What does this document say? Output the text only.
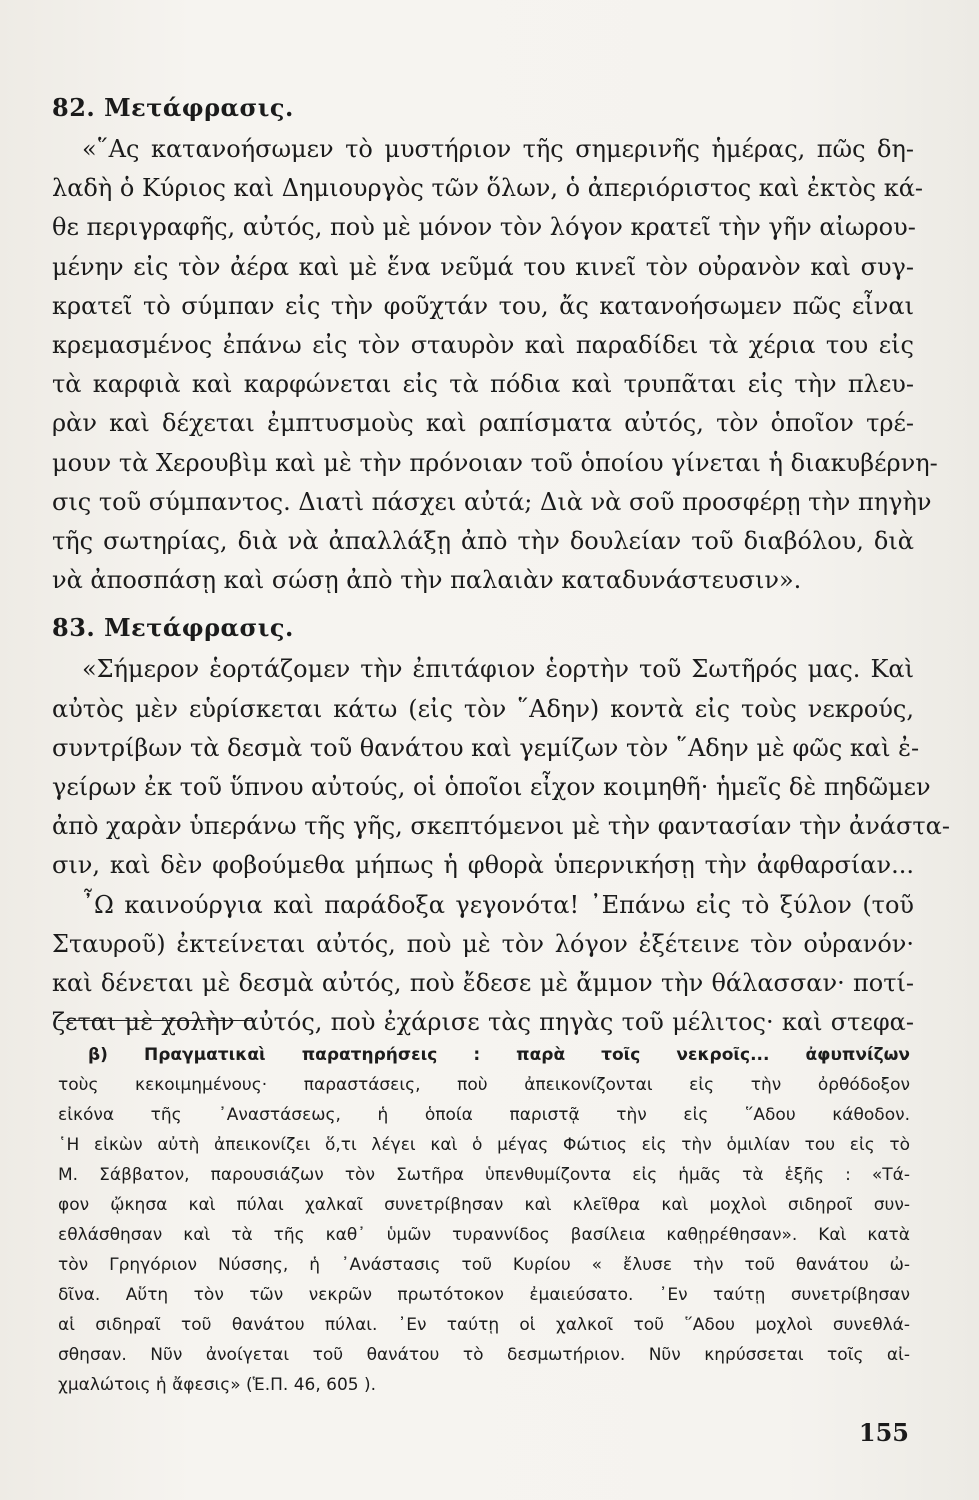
82. Μετάφρασις.
«῞Ας κατανοήσωμεν τὸ μυστήριον τῆς σημερινῆς ἡμέρας, πῶς δη-
λαδὴ ὁ Κύριος καὶ Δημιουργὸς τῶν ὅλων, ὁ ἀπεριόριστος καὶ ἐκτὸς κά-
θε περιγραφῆς, αὐτός, ποὺ μὲ μόνον τὸν λόγον κρατεῖ τὴν γῆν αἰωρου-
μένην εἰς τὸν ἀέρα καὶ μὲ ἕνα νεῦμά του κινεῖ τὸν οὐρανὸν καὶ συγ-
κρατεῖ τὸ σύμπαν εἰς τὴν φοῦχτάν του, ἄς κατανοήσωμεν πῶς εἶναι
κρεμασμένος ἐπάνω εἰς τὸν σταυρὸν καὶ παραδίδει τὰ χέρια του εἰς
τὰ καρφιὰ καὶ καρφώνεται εἰς τὰ πόδια καὶ τρυπᾶται εἰς τὴν πλευ-
ρὰν καὶ δέχεται ἐμπτυσμοὺς καὶ ραπίσματα αὐτός, τὸν ὁποῖον τρέ-
μουν τὰ Χερουβὶμ καὶ μὲ τὴν πρόνοιαν τοῦ ὁποίου γίνεται ἡ διακυβέρνη-
σις τοῦ σύμπαντος. Διατὶ πάσχει αὐτά; Διὰ νὰ σοῦ προσφέρῃ τὴν πηγὴν
τῆς σωτηρίας, διὰ νὰ ἀπαλλάξῃ ἀπὸ τὴν δουλείαν τοῦ διαβόλου, διὰ
νὰ ἀποσπάσῃ καὶ σώσῃ ἀπὸ τὴν παλαιὰν καταδυνάστευσιν».
83. Μετάφρασις.
«Σήμερον ἑορτάζομεν τὴν ἐπιτάφιον ἑορτὴν τοῦ Σωτῆρός μας. Καὶ
αὐτὸς μὲν εὑρίσκεται κάτω (εἰς τὸν ῞Αδην) κοντὰ εἰς τοὺς νεκρούς,
συντρίβων τὰ δεσμὰ τοῦ θανάτου καὶ γεμίζων τὸν ῞Αδην μὲ φῶς καὶ ἐ-
γείρων ἐκ τοῦ ὕπνου αὐτούς, οἱ ὁποῖοι εἶχον κοιμηθῆ· ἡμεῖς δὲ πηδῶμεν
ἀπὸ χαρὰν ὑπεράνω τῆς γῆς, σκεπτόμενοι μὲ τὴν φαντασίαν τὴν ἀνάστα-
σιν, καὶ δὲν φοβούμεθα μήπως ἡ φθορὰ ὑπερνικήσῃ τὴν ἀφθαρσίαν...
῏Ω καινούργια καὶ παράδοξα γεγονότα! ᾿Επάνω εἰς τὸ ξύλον (τοῦ
Σταυροῦ) ἐκτείνεται αὐτός, ποὺ μὲ τὸν λόγον ἐξέτεινε τὸν οὐρανόν·
καὶ δένεται μὲ δεσμὰ αὐτός, ποὺ ἔδεσε μὲ ἄμμον τὴν θάλασσαν· ποτί-
ζεται μὲ χολὴν αὐτός, ποὺ ἐχάρισε τὰς πηγὰς τοῦ μέλιτος· καὶ στεφα-
β) Πραγματικαὶ παρατηρήσεις : παρὰ τοῖς νεκροῖς... ἀφυπνίζων
τοὺς κεκοιμημένους· παραστάσεις, ποὺ ἀπεικονίζονται εἰς τὴν ὀρθόδοξον
εἰκόνα τῆς ᾿Αναστάσεως, ἡ ὁποία παριστᾷ τὴν εἰς ῞Αδου κάθοδον.
῾Η εἰκὼν αὐτὴ ἀπεικονίζει ὅ,τι λέγει καὶ ὁ μέγας Φώτιος εἰς τὴν ὁμιλίαν του εἰς τὸ
Μ. Σάββατον, παρουσιάζων τὸν Σωτῆρα ὑπενθυμίζοντα εἰς ἡμᾶς τὰ ἑξῆς : «Τά-
φον ᾤκησα καὶ πύλαι χαλκαῖ συνετρίβησαν καὶ κλεῖθρα καὶ μοχλοὶ σιδηροῖ συν-
εθλάσθησαν καὶ τὰ τῆς καθ᾿ ὑμῶν τυραννίδος βασίλεια καθῃρέθησαν». Καὶ κατὰ
τὸν Γρηγόριον Νύσσης, ἡ ᾿Ανάστασις τοῦ Κυρίου « ἔλυσε τὴν τοῦ θανάτου ὠ-
δῖνα. Αὕτη τὸν τῶν νεκρῶν πρωτότοκον ἐμαιεύσατο. ᾿Εν ταύτῃ συνετρίβησαν
αἱ σιδηραῖ τοῦ θανάτου πύλαι. ᾿Εν ταύτῃ οἱ χαλκοῖ τοῦ ῞Αδου μοχλοὶ συνεθλά-
σθησαν. Νῦν ἀνοίγεται τοῦ θανάτου τὸ δεσμωτήριον. Νῦν κηρύσσεται τοῖς αἰ-
χμαλώτοις ἡ ἄφεσις» (Ἑ.Π. 46, 605 ).
155
